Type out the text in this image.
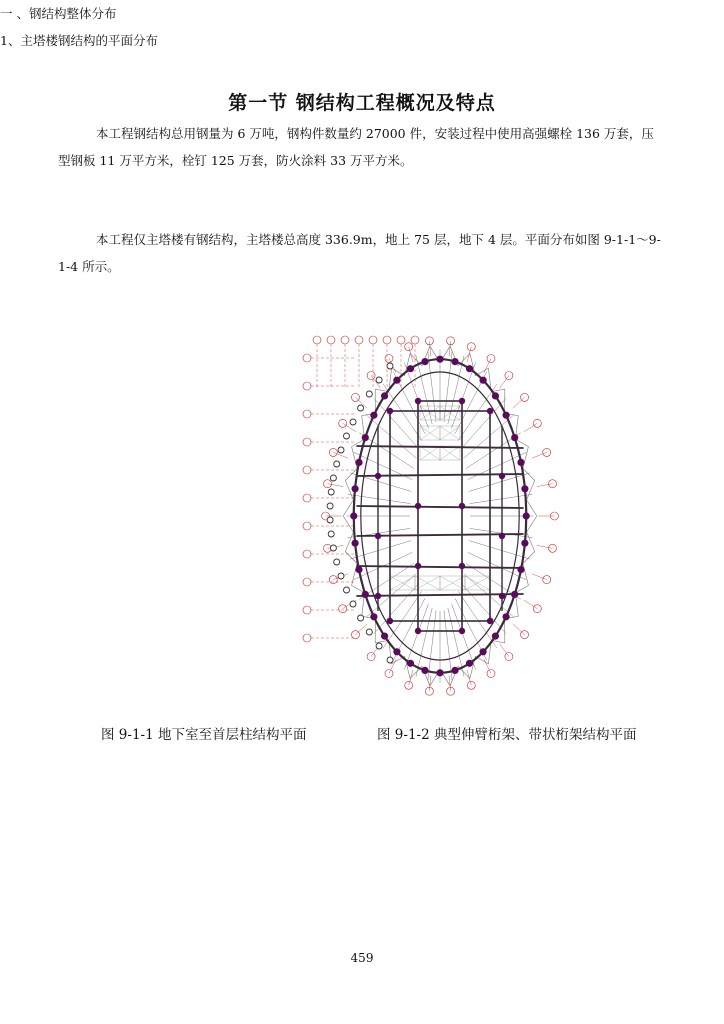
第一节 钢结构工程概况及特点
本工程钢结构总用钢量为 6 万吨，钢构件数量约 27000 件，安装过程中使用高强螺栓 136 万套，压型钢板 11 万平方米，栓钉 125 万套，防火涂料 33 万平方米。
一 、钢结构整体分布
1、主塔楼钢结构的平面分布
本工程仅主塔楼有钢结构，主塔楼总高度 336.9m，地上 75 层，地下 4 层。平面分布如图 9-1-1～9-1-4 所示。
图 9-1-1 地下室至首层柱结构平面	图 9-1-2 典型伸臂桁架、带状桁架结构平面
459
